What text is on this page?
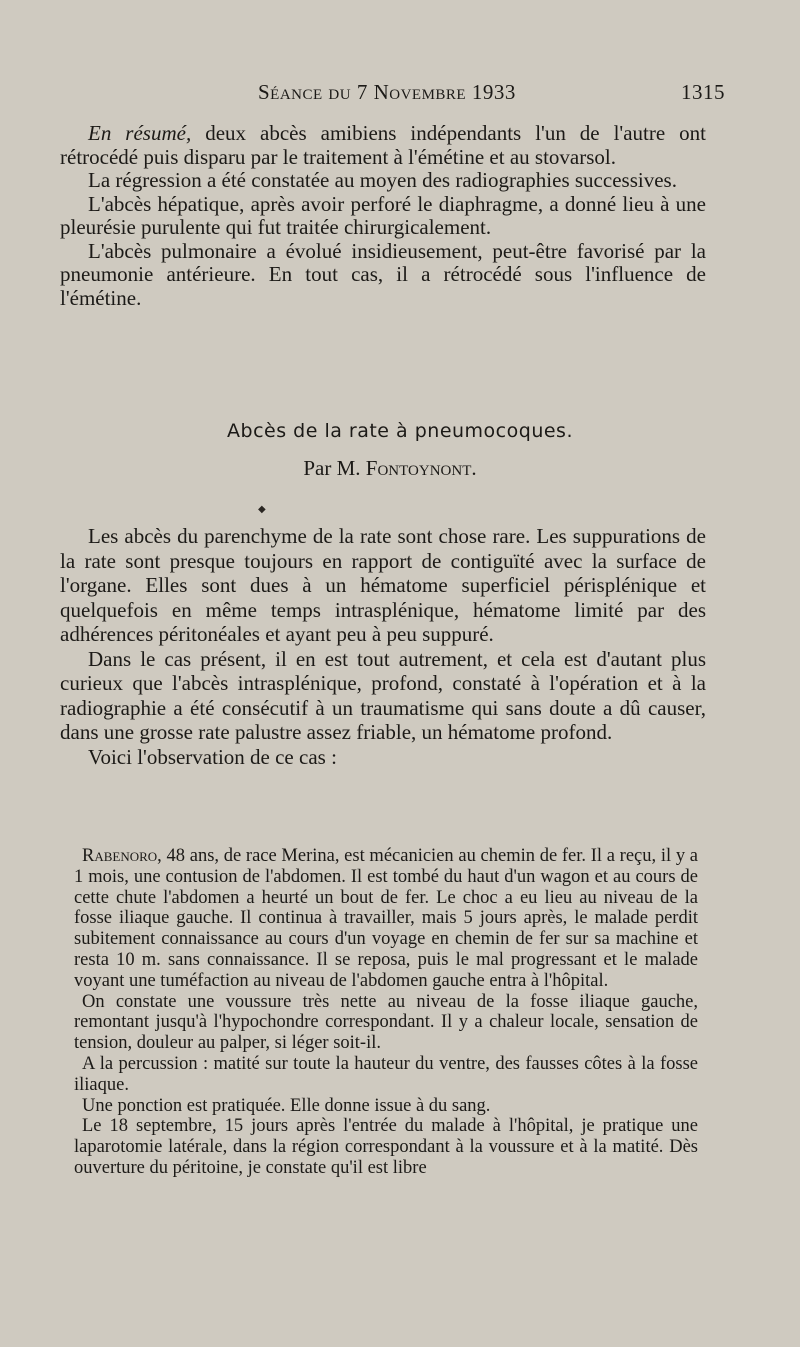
Séance du 7 Novembre 1933	1315

En résumé, deux abcès amibiens indépendants l'un de l'autre ont rétrocédé puis disparu par le traitement à l'émétine et au stovarsol.

La régression a été constatée au moyen des radiographies successives.

L'abcès hépatique, après avoir perforé le diaphragme, a donné lieu à une pleurésie purulente qui fut traitée chirurgicalement.

L'abcès pulmonaire a évolué insidieusement, peut-être favorisé par la pneumonie antérieure. En tout cas, il a rétrocédé sous l'influence de l'émétine.

Abcès de la rate à pneumocoques.
Par M. Fontoynont.
◆

Les abcès du parenchyme de la rate sont chose rare. Les suppurations de la rate sont presque toujours en rapport de contiguïté avec la surface de l'organe. Elles sont dues à un hématome superficiel périsplénique et quelquefois en même temps intrasplénique, hématome limité par des adhérences péritonéales et ayant peu à peu suppuré.

Dans le cas présent, il en est tout autrement, et cela est d'autant plus curieux que l'abcès intrasplénique, profond, constaté à l'opération et à la radiographie a été consécutif à un traumatisme qui sans doute a dû causer, dans une grosse rate palustre assez friable, un hématome profond.

Voici l'observation de ce cas :

Rabenoro, 48 ans, de race Merina, est mécanicien au chemin de fer. Il a reçu, il y a 1 mois, une contusion de l'abdomen. Il est tombé du haut d'un wagon et au cours de cette chute l'abdomen a heurté un bout de fer. Le choc a eu lieu au niveau de la fosse iliaque gauche. Il continua à travailler, mais 5 jours après, le malade perdit subitement connaissance au cours d'un voyage en chemin de fer sur sa machine et resta 10 m. sans connaissance. Il se reposa, puis le mal progressant et le malade voyant une tuméfaction au niveau de l'abdomen gauche entra à l'hôpital.

On constate une voussure très nette au niveau de la fosse iliaque gauche, remontant jusqu'à l'hypochondre correspondant. Il y a chaleur locale, sensation de tension, douleur au palper, si léger soit-il.

A la percussion : matité sur toute la hauteur du ventre, des fausses côtes à la fosse iliaque.

Une ponction est pratiquée. Elle donne issue à du sang.

Le 18 septembre, 15 jours après l'entrée du malade à l'hôpital, je pratique une laparotomie latérale, dans la région correspondant à la voussure et à la matité. Dès ouverture du péritoine, je constate qu'il est libre
